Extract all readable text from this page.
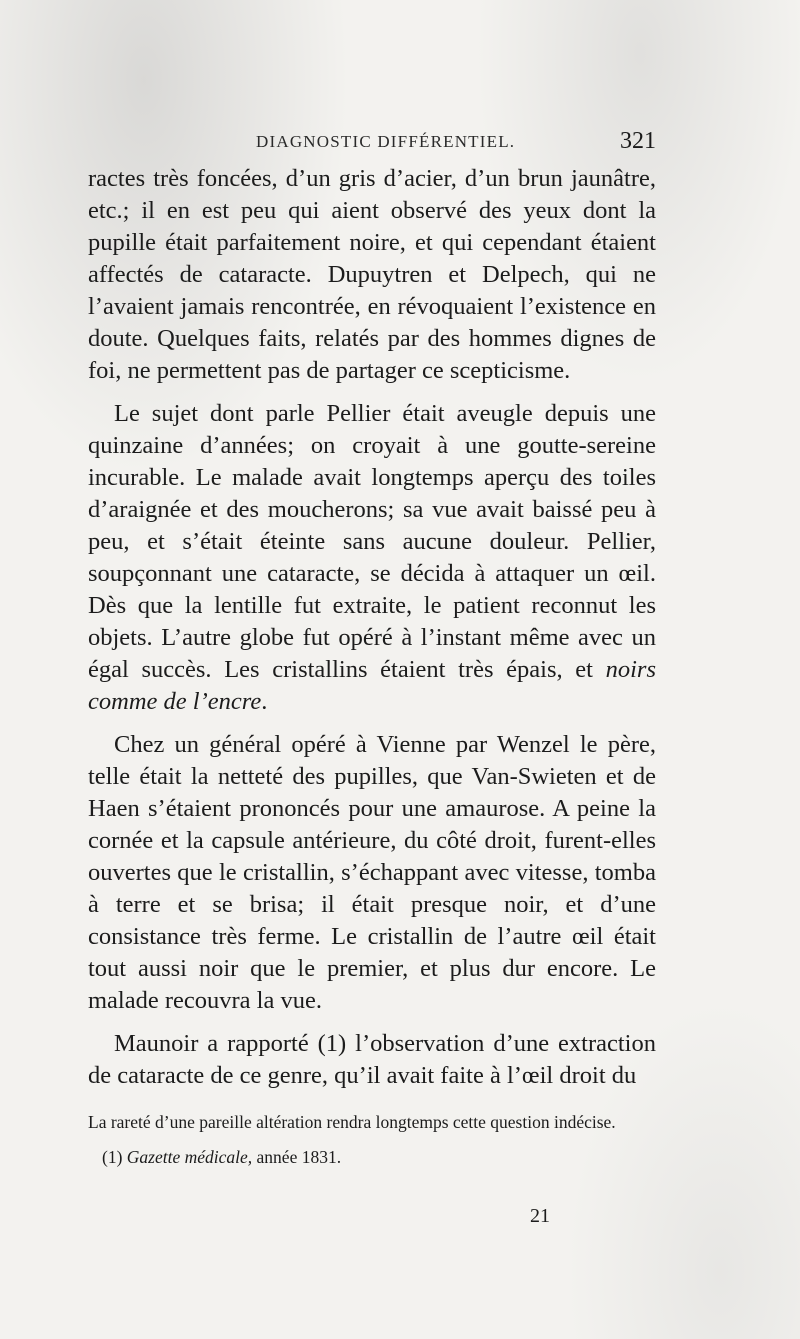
DIAGNOSTIC DIFFÉRENTIEL.	321

ractes très foncées, d’un gris d’acier, d’un brun jaunâtre, etc.; il en est peu qui aient observé des yeux dont la pupille était parfaitement noire, et qui cependant étaient affectés de cataracte. Dupuytren et Delpech, qui ne l’avaient jamais rencontrée, en révoquaient l’existence en doute. Quelques faits, relatés par des hommes dignes de foi, ne permettent pas de partager ce scepticisme.

Le sujet dont parle Pellier était aveugle depuis une quinzaine d’années; on croyait à une goutte-sereine incurable. Le malade avait longtemps aperçu des toiles d’araignée et des moucherons; sa vue avait baissé peu à peu, et s’était éteinte sans aucune douleur. Pellier, soupçonnant une cataracte, se décida à attaquer un œil. Dès que la lentille fut extraite, le patient reconnut les objets. L’autre globe fut opéré à l’instant même avec un égal succès. Les cristallins étaient très épais, et noirs comme de l’encre.

Chez un général opéré à Vienne par Wenzel le père, telle était la netteté des pupilles, que Van-Swieten et de Haen s’étaient prononcés pour une amaurose. A peine la cornée et la capsule antérieure, du côté droit, furent-elles ouvertes que le cristallin, s’échappant avec vitesse, tomba à terre et se brisa; il était presque noir, et d’une consistance très ferme. Le cristallin de l’autre œil était tout aussi noir que le premier, et plus dur encore. Le malade recouvra la vue.

Maunoir a rapporté (1) l’observation d’une extraction de cataracte de ce genre, qu’il avait faite à l’œil droit du

La rareté d’une pareille altération rendra longtemps cette question indécise.

(1) Gazette médicale, année 1831.

21
